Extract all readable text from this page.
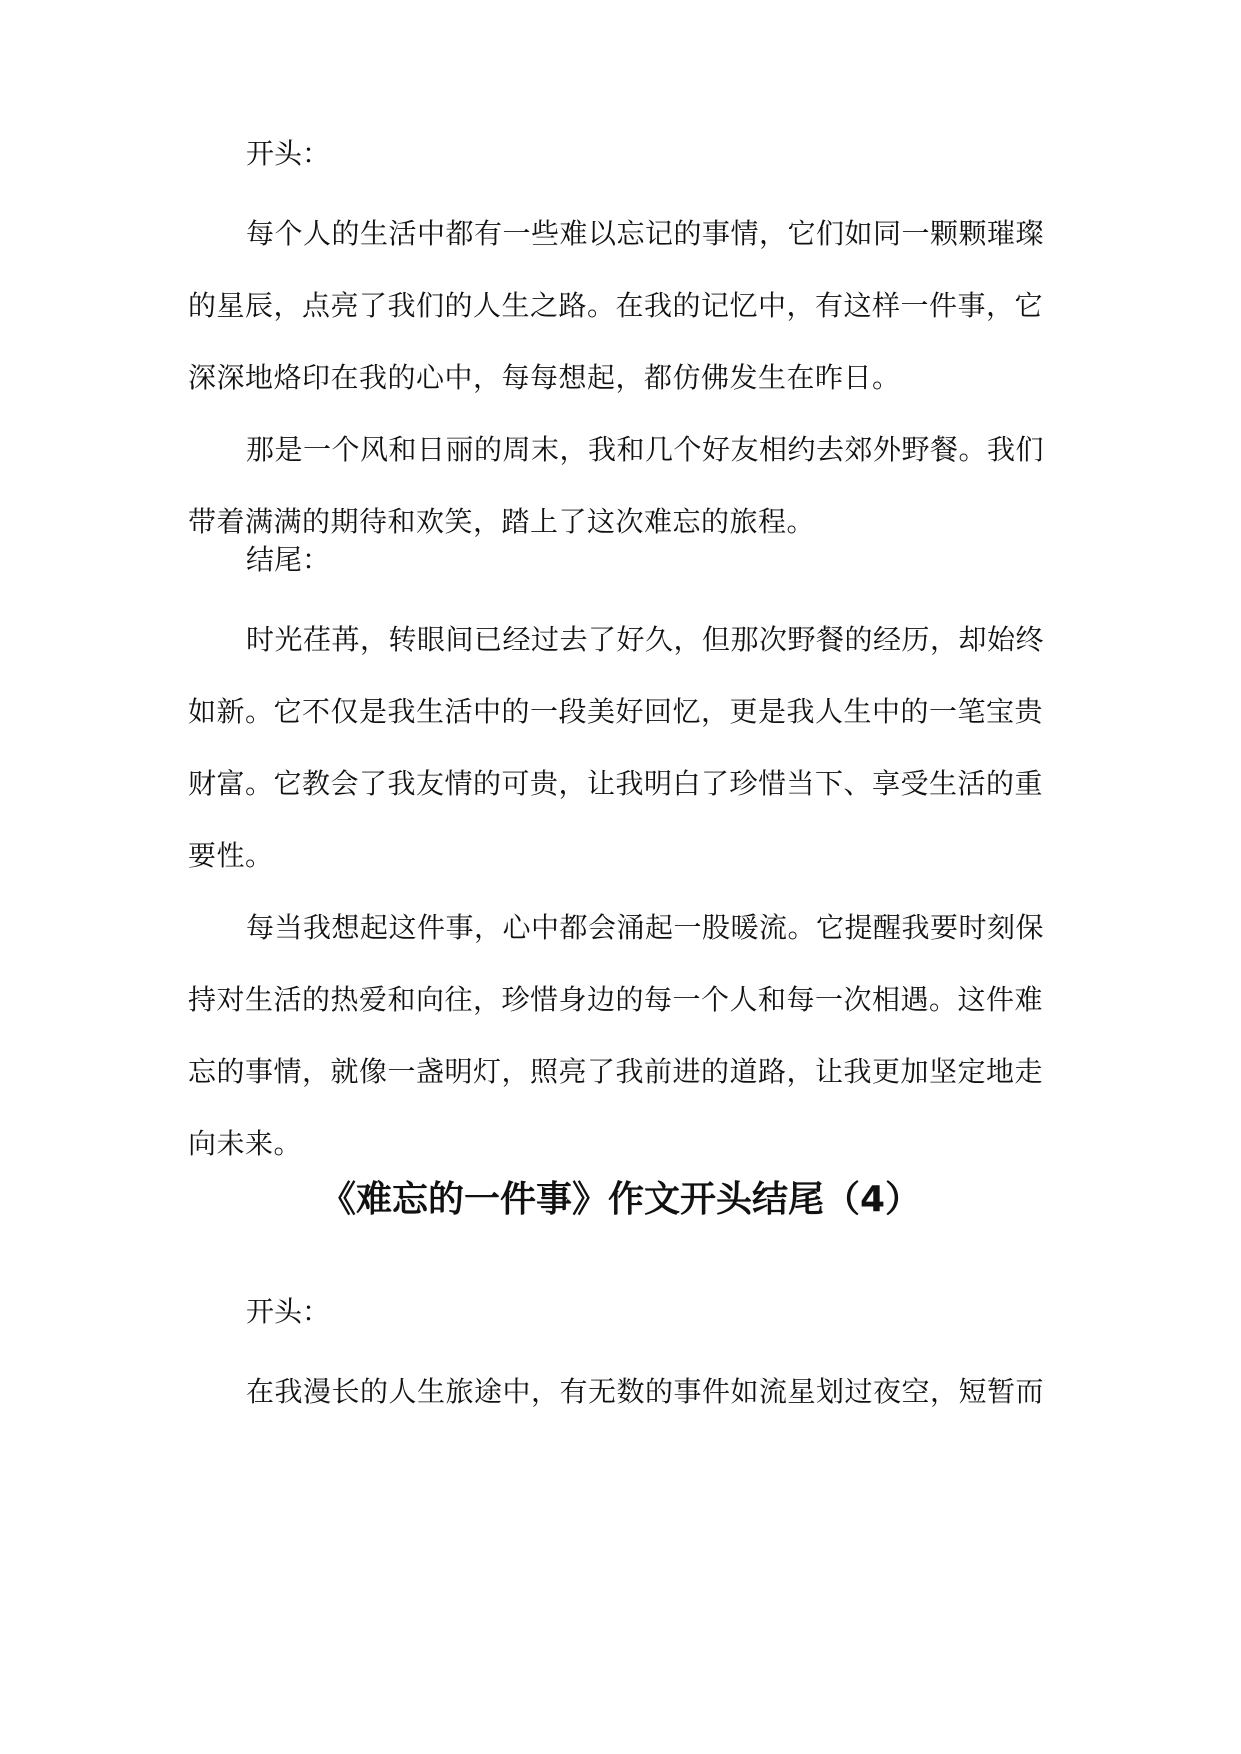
开头：

每个人的生活中都有一些难以忘记的事情，它们如同一颗颗璀璨的星辰，点亮了我们的人生之路。在我的记忆中，有这样一件事，它深深地烙印在我的心中，每每想起，都仿佛发生在昨日。

那是一个风和日丽的周末，我和几个好友相约去郊外野餐。我们带着满满的期待和欢笑，踏上了这次难忘的旅程。

结尾：

时光荏苒，转眼间已经过去了好久，但那次野餐的经历，却始终如新。它不仅是我生活中的一段美好回忆，更是我人生中的一笔宝贵财富。它教会了我友情的可贵，让我明白了珍惜当下、享受生活的重要性。

每当我想起这件事，心中都会涌起一股暖流。它提醒我要时刻保持对生活的热爱和向往，珍惜身边的每一个人和每一次相遇。这件难忘的事情，就像一盏明灯，照亮了我前进的道路，让我更加坚定地走向未来。

《难忘的一件事》作文开头结尾（4）

开头：

在我漫长的人生旅途中，有无数的事件如流星划过夜空，短暂而
